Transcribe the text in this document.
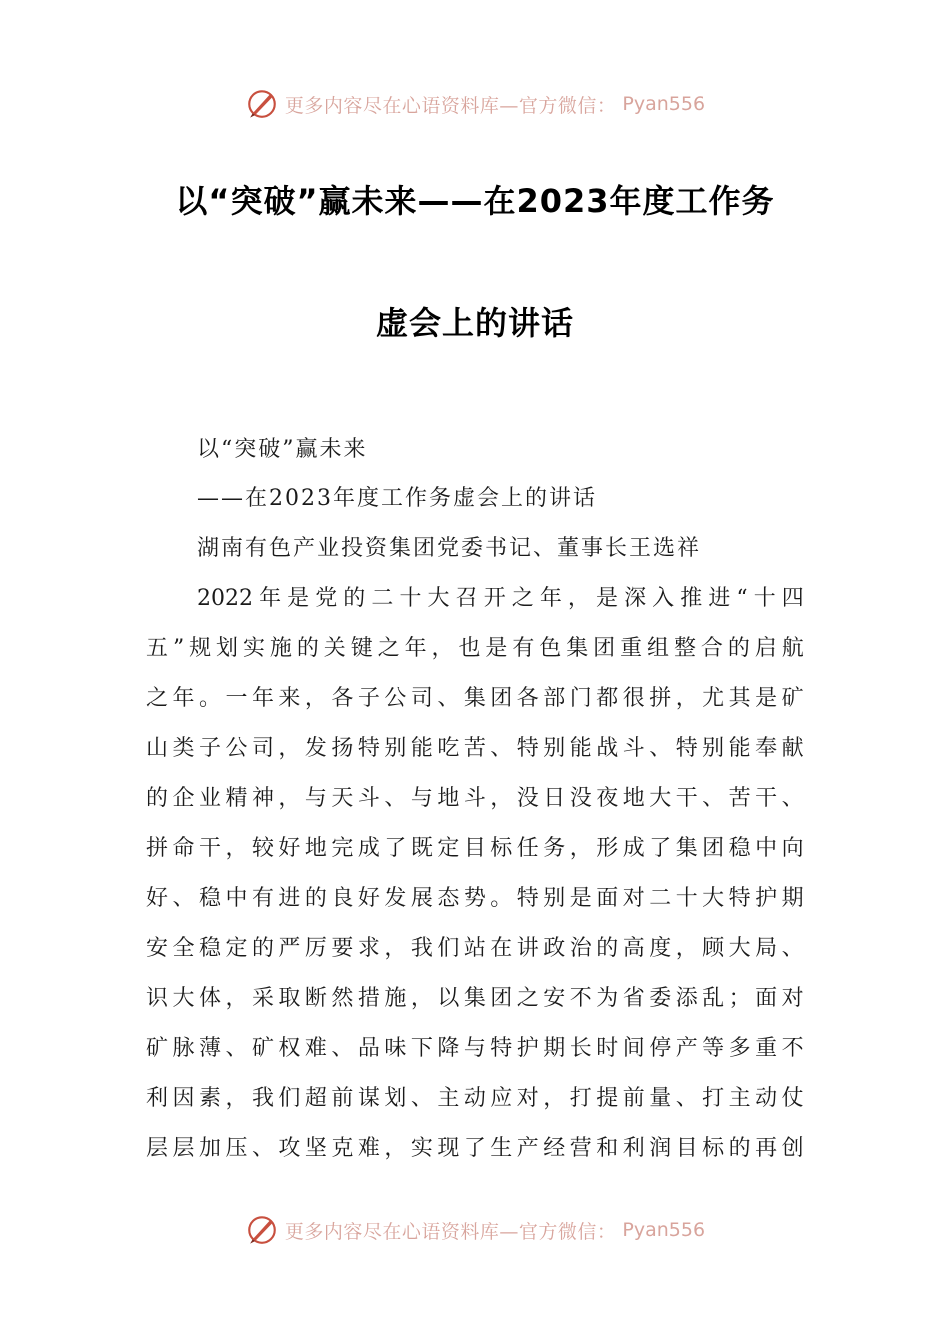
更多内容尽在心语资料库—官方微信： Pyan556
以“突破”赢未来——在2023年度工作务
虚会上的讲话
以“突破”赢未来
——在2023年度工作务虚会上的讲话
湖南有色产业投资集团党委书记、董事长王选祥
2022 年 是 党 的 二 十 大 召 开 之 年 ， 是 深 入 推 进 “ 十 四
五 ” 规 划 实 施 的 关 键 之 年 ， 也 是 有 色 集 团 重 组 整 合 的 启 航
之 年 。 一 年 来 ， 各 子 公 司 、 集 团 各 部 门 都 很 拼 ， 尤 其 是 矿
山 类 子 公 司 ， 发 扬 特 别 能 吃 苦 、 特 别 能 战 斗 、 特 别 能 奉 献
的 企 业 精 神 ， 与 天 斗 、 与 地 斗 ， 没 日 没 夜 地 大 干 、 苦 干 、
拼 命 干 ， 较 好 地 完 成 了 既 定 目 标 任 务 ， 形 成 了 集 团 稳 中 向
好 、 稳 中 有 进 的 良 好 发 展 态 势 。 特 别 是 面 对 二 十 大 特 护 期
安 全 稳 定 的 严 厉 要 求 ， 我 们 站 在 讲 政 治 的 高 度 ， 顾 大 局 、
识 大 体 ， 采 取 断 然 措 施 ， 以 集 团 之 安 不 为 省 委 添 乱 ； 面 对
矿 脉 薄 、 矿 权 难 、 品 味 下 降 与 特 护 期 长 时 间 停 产 等 多 重 不
利 因 素 ， 我 们 超 前 谋 划 、 主 动 应 对 ， 打 提 前 量 、 打 主 动 仗
层 层 加 压 、 攻 坚 克 难 ， 实 现 了 生 产 经 营 和 利 润 目 标 的 再 创
更多内容尽在心语资料库—官方微信： Pyan556
